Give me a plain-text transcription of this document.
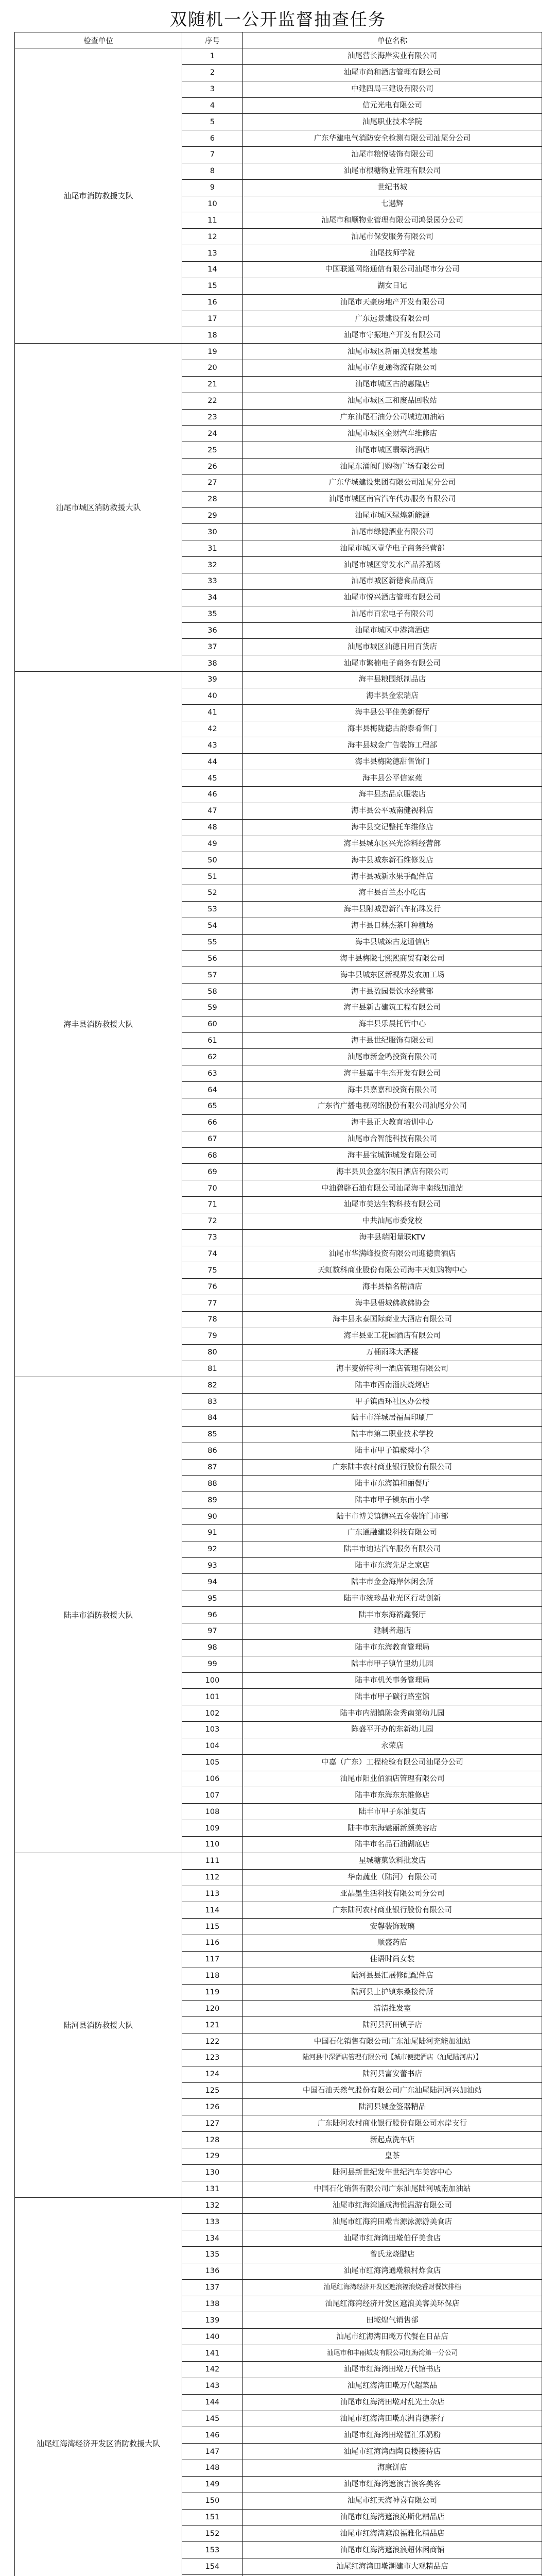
双随机一公开监督抽查任务
检查单位	序号	单位名称
汕尾市消防救援支队	1	汕尾营长海岸实业有限公司
	2	汕尾市尚和酒店管理有限公司
	3	中建四局三建设有限公司
	4	信元光电有限公司
	5	汕尾职业技术学院
	6	广东华建电气消防安全检测有限公司汕尾分公司
	7	汕尾市粮悦装饰有限公司
	8	汕尾市根糖物业管理有限公司
	9	世纪书城
	10	七遇辉
	11	汕尾市和顺物业管理有限公司鸿景园分公司
	12	汕尾市保安服务有限公司
	13	汕尾技师学院
	14	中国联通网络通信有限公司汕尾市分公司
	15	湖女日记
	16	汕尾市天豪房地产开发有限公司
	17	广东远景建设有限公司
	18	汕尾市守振地产开发有限公司
汕尾市城区消防救援大队	19	汕尾市城区新丽美服发基地
	20	汕尾市华夏通物流有限公司
	21	汕尾市城区古韵惠隆店
	22	汕尾市城区三和废品回收站
	23	广东汕尾石油分公司城边加油站
	24	汕尾市城区金财汽车维修店
	25	汕尾市城区翡翠湾酒店
	26	汕尾东涌阀门购物广场有限公司
	27	广东华城建设集团有限公司汕尾分公司
	28	汕尾市城区南宫汽车代办服务有限公司
	29	汕尾市城区绿煌新能源
	30	汕尾市绿健酒业有限公司
	31	汕尾市城区壹华电子商务经营部
	32	汕尾市城区穿发水产品养殖场
	33	汕尾市城区新德食品商店
	34	汕尾市悦兴酒店管理有限公司
	35	汕尾市百宏电子有限公司
	36	汕尾市城区中港湾酒店
	37	汕尾市城区汕德日用百货店
	38	汕尾市繁楠电子商务有限公司
海丰县消防救援大队	39	海丰县粮围纸制品店
	40	海丰县金宏瑞店
	41	海丰县公平佳美新餐厅
	42	海丰县梅陇德古韵泰肴售门
	43	海丰县城金广告装饰工程部
	44	海丰县梅陇德甜售饰门
	45	海丰县公平信家苑
	46	海丰县杰品京服装店
	47	海丰县公平城南健视科店
	48	海丰县交记整托车维修店
	49	海丰县城东区兴光涂料经营部
	50	海丰县城东新石维修发店
	51	海丰县城新水果手配件店
	52	海丰县百兰杰小吃店
	53	海丰县附城碧新汽车拓珠发行
	54	海丰县日林杰茶叶种植场
	55	海丰县城辣古龙通信店
	56	海丰县梅陇七熙熙商贸有限公司
	57	海丰县城东区新视界发农加工场
	58	海丰县盈园景饮水经营部
	59	海丰县新古建筑工程有限公司
	60	海丰县乐晨托管中心
	61	海丰县世纪服饰有限公司
	62	汕尾市新金鸣投资有限公司
	63	海丰县嘉丰生态开发有限公司
	64	海丰县嘉嘉和投资有限公司
	65	广东省广播电视网络股份有限公司汕尾分公司
	66	海丰县正大教育培训中心
	67	汕尾市合智能科技有限公司
	68	海丰县宝城饰城发有限公司
	69	海丰县贝金塞尔假日酒店有限公司
	70	中油碧辟石油有限公司汕尾海丰南线加油站
	71	汕尾市美达生物科技有限公司
	72	中共汕尾市委党校
	73	海丰县瑞阳量联KTV
	74	汕尾市华满峰投资有限公司迎德贵酒店
	75	天虹数科商业股份有限公司海丰天虹购物中心
	76	海丰县梧名精酒店
	77	海丰县梧城佛教佛协会
	78	海丰县永泰国际商业大酒店有限公司
	79	海丰县亚工花园酒店有限公司
	80	万桶雨珠大酒楼
	81	海丰麦娇特利一酒店管理有限公司
陆丰市消防救援大队	82	陆丰市西南淄庆烧烤店
	83	甲子镇西环社区办公楼
	84	陆丰市洋城居福昌印刷厂
	85	陆丰市第二职业技术学校
	86	陆丰市甲子镇聚舜小学
	87	广东陆丰农村商业银行股份有限公司
	88	陆丰市东海镇和丽餐厅
	89	陆丰市甲子镇东南小学
	90	陆丰市博美镇德兴五金装饰门市部
	91	广东通融建设科技有限公司
	92	陆丰市迪达汽车服务有限公司
	93	陆丰市东海先足之家店
	94	陆丰市金金海岸休闲会所
	95	陆丰市统珍品业光区行动创新
	96	陆丰市东海裕鑫餐厅
	97	建制者超店
	98	陆丰市东海教育管理局
	99	陆丰市甲子镇竹里幼儿园
	100	陆丰市机关事务管理局
	101	陆丰市甲子碳行路室馆
	102	陆丰市内湖镇陈金秀南第幼儿园
	103	陈盛平开办的东新幼儿园
	104	永荣店
	105	中嘉（广东）工程检验有限公司汕尾分公司
	106	汕尾市阳业佰酒店管理有限公司
	107	陆丰市东海东东维修店
	108	陆丰市甲子东油复店
	109	陆丰市东海魅丽新颜美容店
	110	陆丰市名品石油湖底店
陆河县消防救援大队	111	星城糖菓饮料批发店
	112	华南蔬业（陆河）有限公司
	113	亚晶墨生活科技有限公司分公司
	114	广东陆河农村商业银行股份有限公司
	115	安馨装饰玻璃
	116	顺盛药店
	117	佳语时尚女装
	118	陆河县县汇展修配配件店
	119	陆河县上护镇东桑接待所
	120	清清推发室
	121	陆河县河田镇子店
	122	中国石化销售有限公司广东汕尾陆河充能加油站
	123	陆河县中深酒店管理有限公司【城市便捷酒店（汕尾陆河店）】
	124	陆河县富安蕾书店
	125	中国石油天然气股份有限公司广东汕尾陆河河兴加油站
	126	陆河县城金签器精品
	127	广东陆河农村商业银行股份有限公司水岸支行
	128	新起点洗车店
	129	皇茶
	130	陆河县新世纪发年世纪汽车美容中心
	131	中国石化销售有限公司广东汕尾陆河城南加油站
汕尾红海湾经济开发区消防救援大队	132	汕尾市红海湾通成海悦温游有限公司
	133	汕尾市红海湾田墘吉源泳源游美食店
	134	汕尾市红海湾田墘伯仔美食店
	135	曾氏龙烧腊店
	136	汕尾市红海湾通墘粮村炸食店
	137	汕尾红海湾经济开发区遮浪福浪烧香财餐饮排档
	138	汕尾红海湾经济开发区遮浪美客美环保店
	139	田墘煌气销售部
	140	汕尾市红海湾田墘万代餐在日品店
	141	汕尾市和丰丽城发有限公司红海湾第一分公司
	142	汕尾市红海湾田墘万代馆书店
	143	汕尾红海湾田墘万代超菜品
	144	汕尾市红海湾田墘对乱光土杂店
	145	汕尾市红海湾田墘东洲肖德茶行
	146	汕尾市红海湾田墘福汇乐奶粉
	147	汕尾市红海湾西陶良楼接待店
	148	海康饼店
	149	汕尾市红海湾遮浪吉浪客美客
	150	汕尾市红天海神喜有限公司
	151	汕尾市红海湾遮浪沁斯化精品店
	152	汕尾市红海湾遮浪福雅化精品店
	153	汕尾市红海湾遮浪浪超休闲商铺
	154	汕尾红海湾田墘潮建市大观精品店
